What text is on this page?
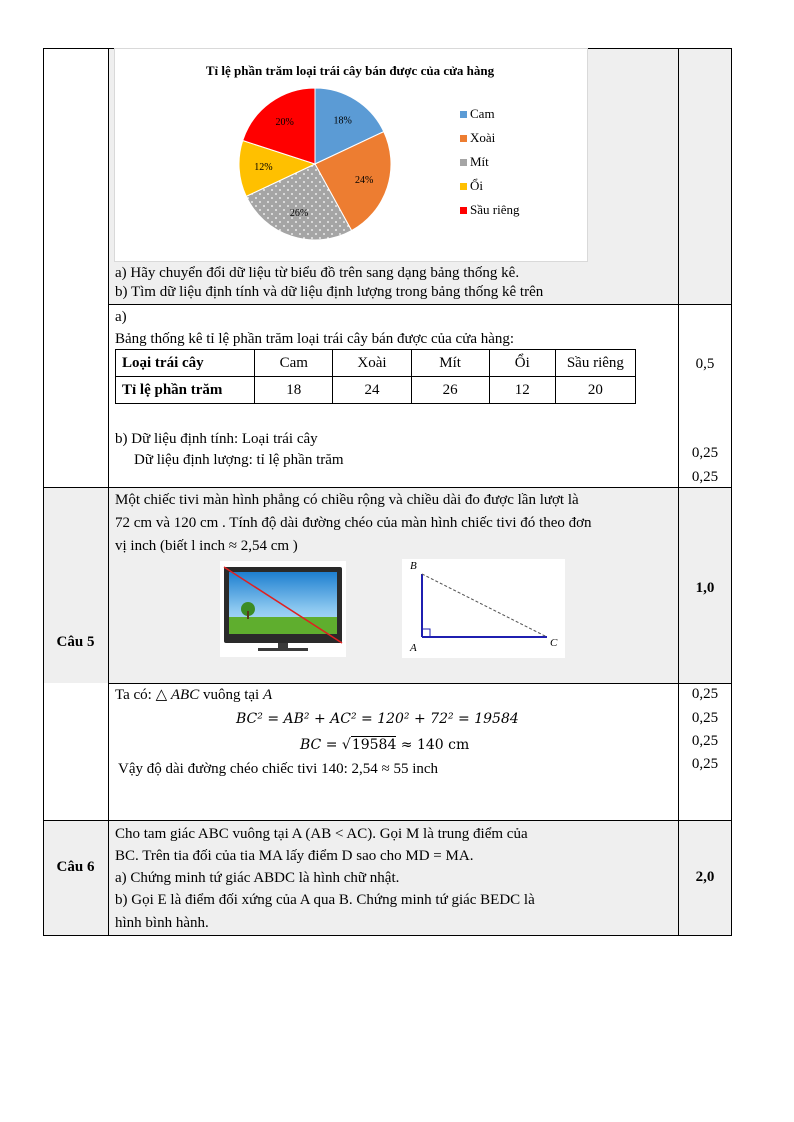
Tỉ lệ phần trăm loại trái cây bán được của cửa hàng
18%
24%
26%
12%
20%
Cam
Xoài
Mít
Ổi
Sầu riêng
a) Hãy chuyển đổi dữ liệu từ biểu đồ trên sang dạng bảng thống kê.
b) Tìm dữ liệu định tính và dữ liệu định lượng trong bảng thống kê trên
a)
Bảng thống kê tỉ lệ phần trăm loại trái cây bán được của cửa hàng:
Loại trái cây	Cam	Xoài	Mít	Ổi	Sầu riêng
Tỉ lệ phần trăm	18	24	26	12	20
b) Dữ liệu định tính: Loại trái cây
Dữ liệu định lượng: tỉ lệ phần trăm
0,5
0,25
0,25
Câu 5
Một chiếc tivi màn hình phẳng có chiều rộng và chiều dài đo được lần lượt là
72 cm và 120 cm . Tính độ dài đường chéo của màn hình chiếc tivi đó theo đơn
vị inch (biết l inch ≈ 2,54 cm )
B
A	C
1,0
Ta có: △ ABC vuông tại A
BC² = AB² + AC² = 120² + 72² = 19584
BC = √19584 ≈ 140 cm
Vậy độ dài đường chéo chiếc tivi 140: 2,54 ≈ 55 inch
0,25
0,25
0,25
0,25
Câu 6
Cho tam giác ABC vuông tại A (AB < AC). Gọi M là trung điểm của
BC. Trên tia đối của tia MA lấy điểm D sao cho MD = MA.
a) Chứng minh tứ giác ABDC là hình chữ nhật.
b) Gọi E là điểm đối xứng của A qua B. Chứng minh tứ giác BEDC là
hình bình hành.
2,0
